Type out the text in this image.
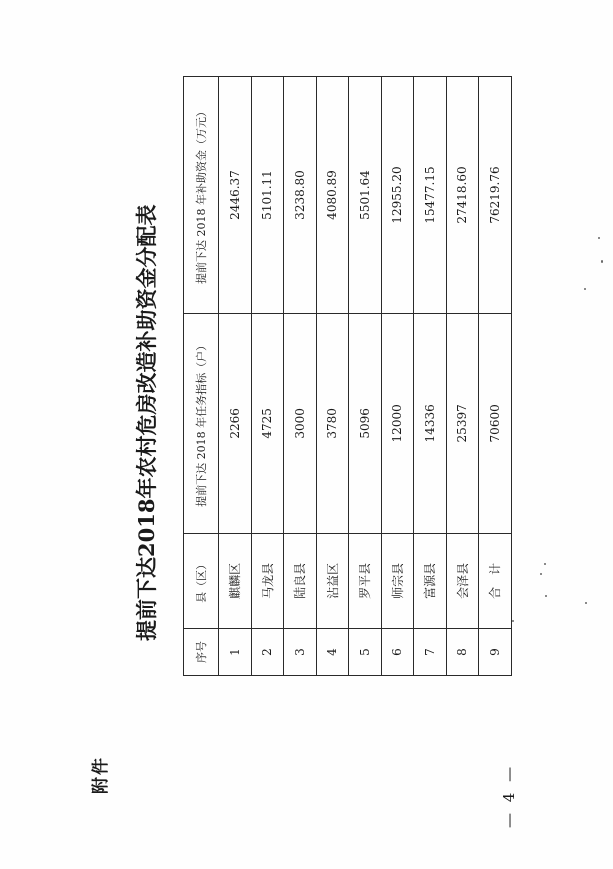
附件
提前下达2018年农村危房改造补助资金分配表
序号	县（区）	提前下达 2018 年任务指标（户）	提前下达 2018 年补助资金（万元）
1	麒麟区	2266	2446.37
2	马龙县	4725	5101.11
3	陆良县	3000	3238.80
4	沾益区	3780	4080.89
5	罗平县	5096	5501.64
6	师宗县	12000	12955.20
7	富源县	14336	15477.15
8	会泽县	25397	27418.60
9	合　计	70600	76219.76
— 4 —
